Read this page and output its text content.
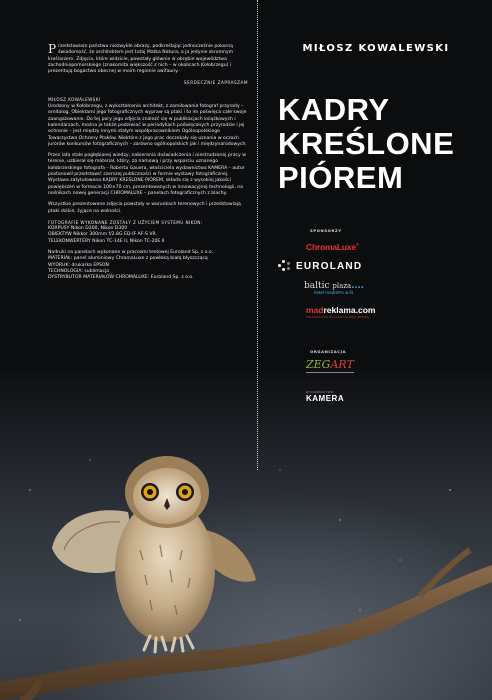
Przedstawiam państwu niezwykłe obrazy, podkreślając jednocześnie pokorną świadomość, że architektem jest tutaj Matka Natura, a ja jedynie skromnym kreślarzem. Zdjęcia, które widzicie, powstały głównie w obrębie województwa zachodniopomorskiego (znakomita większość z nich – w okolicach Kołobrzegu) i prezentują bogactwo obecnej w moim regionie awifauny.

SERDECZNIE ZAPRASZAM

MIŁOSZ KOWALEWSKI

Urodzony w Kołobrzegu, z wykształcenia architekt, z zamiłowania fotograf przyrody – ornitolog. Obiektami jego fotograficznych wypraw są ptaki i to im poświęca całe swoje zaangażowanie. Do tej pory jego zdjęcia znaleźć się w publikacjach książkowych i kalendarzach, można je także podziwiać w periodykach poświęconych przyrodzie i jej ochronie – jest między innymi stałym współpracownikiem Ogólnopolskiego Towarzystwa Ochrony Ptaków. Niektóre z jego prac doczekały się uznania w oczach jurorów konkursów fotograficznych – zarówno ogólnopolskich jak i międzynarodowych.

Przez lata stale pogłębianej wiedzy, nabierania doświadczenia i niestrudzonej pracy w terenie, uzbierał się materiał, który, za namową i przy wsparciu uznanego kołobrzeskiego fotografa – Roberta Gauera, właściciela wydawnictwa KAMERA – autor postanowił przedstawić szerszej publiczności w formie wystawy fotograficznej. Wystawa zatytułowana KADRY KREŚLONE PIÓREM, składa się z wysokiej jakości powiększeń w formacie 100×70 cm, prezentowanych w innowacyjnej technologii, na nośnikach nowej generacji CHROMALUXE – panelach fotograficznych z blachy.

Wszystkie prezentowane zdjęcia powstały w warunkach terenowych i przedstawiają ptaki dzikie, żyjące na wolności.

FOTOGRAFIE WYKONANE ZOSTAŁY Z UŻYCIEM SYSTEMU NIKON:
KORPUSY Nikon D300, Nikon D300
OBIEKTYW Nikkor 300mm f/2.8G ED-IF AF-S VR
TELEKONWERTERY Nikon TC-14E II, Nikon TC-20E II
Nadruki na panelach wykonane w pracowni testowej Euroland Sp. z o.o.
MATERIAŁ: panel aluminiowy ChromaLuxe z powłoką białą błyszczącą
WYDRUK: drukarka EPSON
TECHNOLOGIA: sublimacja
DYSTRYBUTOR MATERIAŁÓW CHROMALUXE: Euroland Sp. z o.o.
MIŁOSZ KOWALEWSKI
KADRY
KREŚLONE
PIÓREM
SPONSORZY
ChromaLuxe®
EUROLAND
baltic plaza....
hotel mediSPA & fit
madreklama.com
PROFESJONALNA AGENCJA REKLAMOWA
ORGANIZACJA
ZEGART
WYDAWNICTWO
KAMERA
